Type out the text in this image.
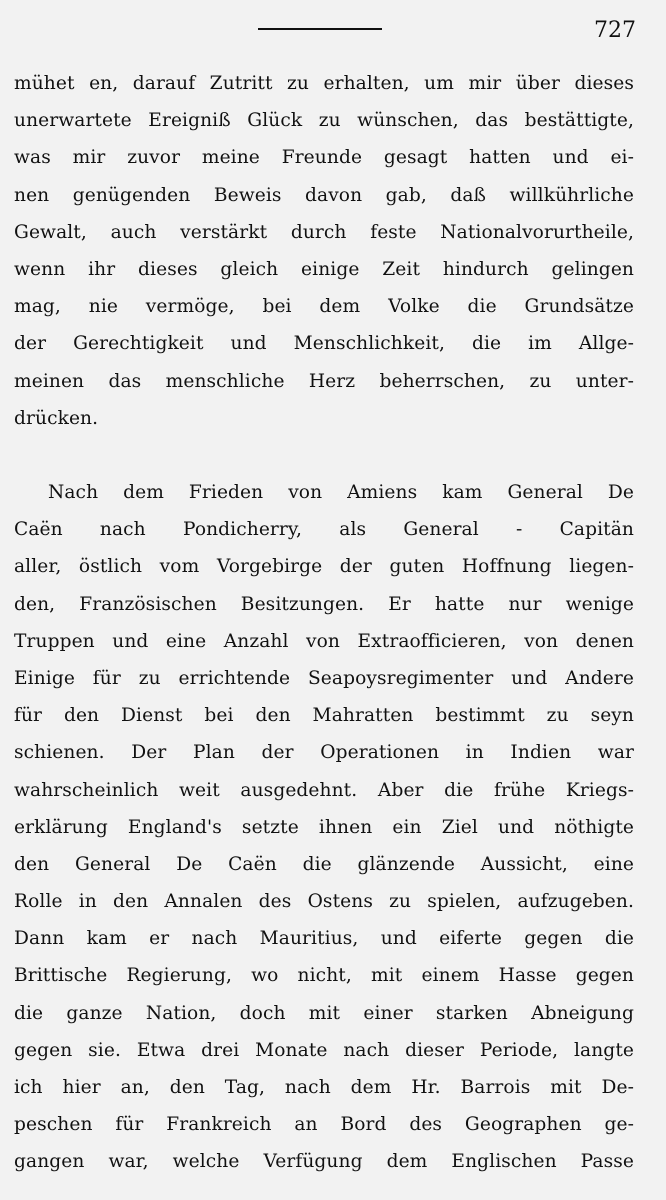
727
mühet en, darauf Zutritt zu erhalten, um mir über dieses
unerwartete Ereigniß Glück zu wünschen, das bestättigte,
was mir zuvor meine Freunde gesagt hatten und ei-
nen genügenden Beweis davon gab, daß willkührliche
Gewalt, auch verstärkt durch feste Nationalvorurtheile,
wenn ihr dieses gleich einige Zeit hindurch gelingen
mag, nie vermöge, bei dem Volke die Grundsätze
der Gerechtigkeit und Menschlichkeit, die im Allge-
meinen das menschliche Herz beherrschen, zu unter-
drücken.
Nach dem Frieden von Amiens kam General De
Caën nach Pondicherry, als General - Capitän
aller, östlich vom Vorgebirge der guten Hoffnung liegen-
den, Französischen Besitzungen. Er hatte nur wenige
Truppen und eine Anzahl von Extraofficieren, von denen
Einige für zu errichtende Seapoysregimenter und Andere
für den Dienst bei den Mahratten bestimmt zu seyn
schienen. Der Plan der Operationen in Indien war
wahrscheinlich weit ausgedehnt. Aber die frühe Kriegs-
erklärung England's setzte ihnen ein Ziel und nöthigte
den General De Caën die glänzende Aussicht, eine
Rolle in den Annalen des Ostens zu spielen, aufzugeben.
Dann kam er nach Mauritius, und eiferte gegen die
Brittische Regierung, wo nicht, mit einem Hasse gegen
die ganze Nation, doch mit einer starken Abneigung
gegen sie. Etwa drei Monate nach dieser Periode, langte
ich hier an, den Tag, nach dem Hr. Barrois mit De-
peschen für Frankreich an Bord des Geographen ge-
gangen war, welche Verfügung dem Englischen Passe
